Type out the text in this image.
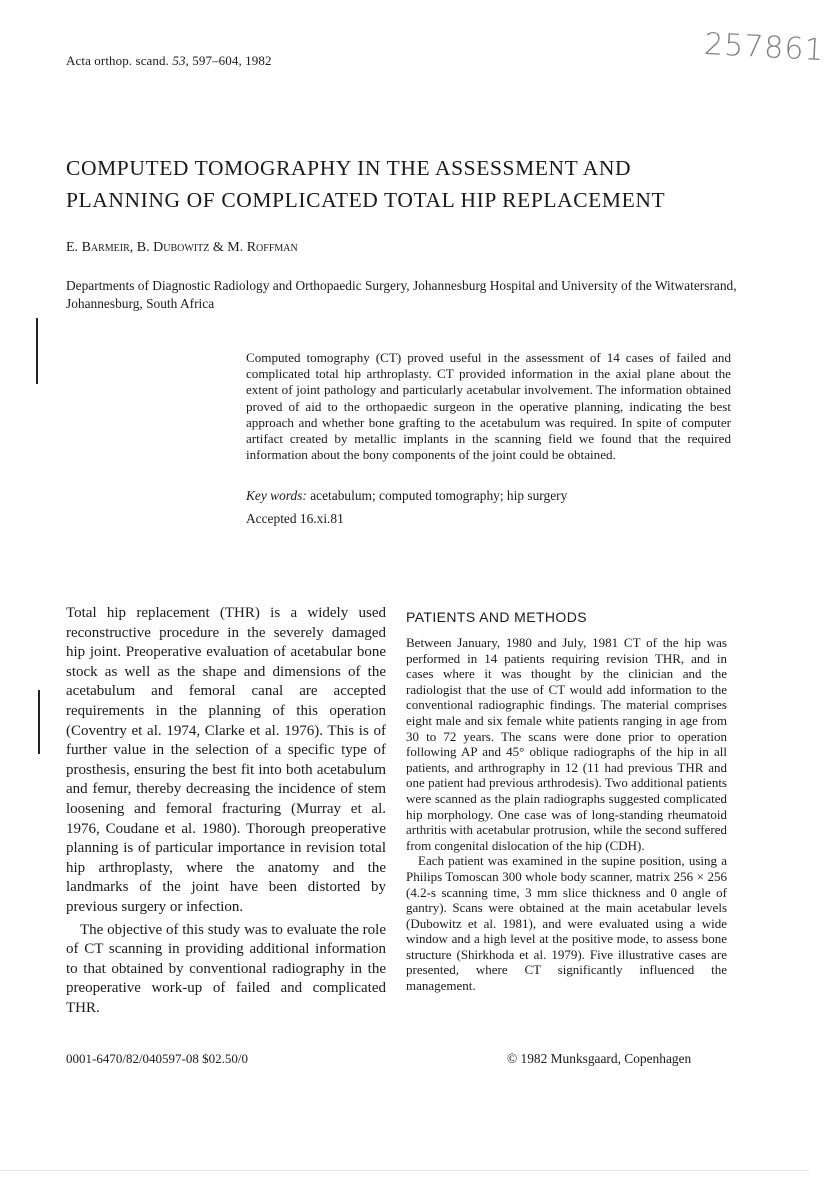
Acta orthop. scand. 53, 597–604, 1982	257861
COMPUTED TOMOGRAPHY IN THE ASSESSMENT AND
PLANNING OF COMPLICATED TOTAL HIP REPLACEMENT
E. Barmeir, B. Dubowitz & M. Roffman
Departments of Diagnostic Radiology and Orthopaedic Surgery, Johannesburg Hospital and University of the Witwatersrand, Johannesburg, South Africa

Computed tomography (CT) proved useful in the assessment of 14 cases of failed and complicated total hip arthroplasty. CT provided information in the axial plane about the extent of joint pathology and particularly acetabular involvement. The information obtained proved of aid to the orthopaedic surgeon in the operative planning, indicating the best approach and whether bone grafting to the acetabulum was required. In spite of computer artifact created by metallic implants in the scanning field we found that the required information about the bony components of the joint could be obtained.

Key words: acetabulum; computed tomography; hip surgery
Accepted 16.xi.81

Total hip replacement (THR) is a widely used reconstructive procedure in the severely damaged hip joint. Preoperative evaluation of acetabular bone stock as well as the shape and dimensions of the acetabulum and femoral canal are accepted requirements in the planning of this operation (Coventry et al. 1974, Clarke et al. 1976). This is of further value in the selection of a specific type of prosthesis, ensuring the best fit into both acetabulum and femur, thereby decreasing the incidence of stem loosening and femoral fracturing (Murray et al. 1976, Coudane et al. 1980). Thorough preoperative planning is of particular importance in revision total hip arthroplasty, where the anatomy and the landmarks of the joint have been distorted by previous surgery or infection.

The objective of this study was to evaluate the role of CT scanning in providing additional information to that obtained by conventional radiography in the preoperative work-up of failed and complicated THR.

PATIENTS AND METHODS

Between January, 1980 and July, 1981 CT of the hip was performed in 14 patients requiring revision THR, and in cases where it was thought by the clinician and the radiologist that the use of CT would add information to the conventional radiographic findings. The material comprises eight male and six female white patients ranging in age from 30 to 72 years. The scans were done prior to operation following AP and 45° oblique radiographs of the hip in all patients, and arthrography in 12 (11 had previous THR and one patient had previous arthrodesis). Two additional patients were scanned as the plain radiographs suggested complicated hip morphology. One case was of long-standing rheumatoid arthritis with acetabular protrusion, while the second suffered from congenital dislocation of the hip (CDH).

Each patient was examined in the supine position, using a Philips Tomoscan 300 whole body scanner, matrix 256 × 256 (4.2-s scanning time, 3 mm slice thickness and 0 angle of gantry). Scans were obtained at the main acetabular levels (Dubowitz et al. 1981), and were evaluated using a wide window and a high level at the positive mode, to assess bone structure (Shirkhoda et al. 1979). Five illustrative cases are presented, where CT significantly influenced the management.

0001-6470/82/040597-08 $02.50/0	© 1982 Munksgaard, Copenhagen
